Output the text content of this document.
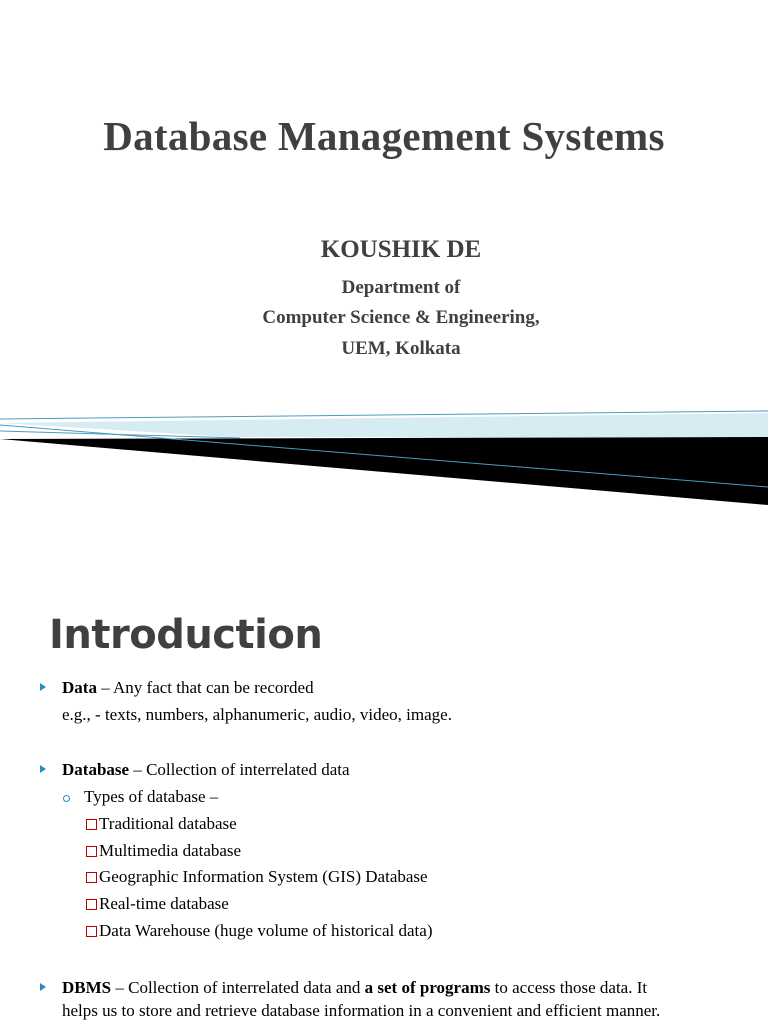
Database Management Systems

KOUSHIK DE

Department of

Computer Science & Engineering,

UEM, Kolkata

Introduction
Data – Any fact that can be recorded
e.g., - texts, numbers, alphanumeric, audio, video, image.
Database – Collection of interrelated data
Types of database –
Traditional database
Multimedia database
Geographic Information System (GIS) Database
Real-time database
Data Warehouse (huge volume of historical data)
DBMS – Collection of interrelated data and a set of programs to access those data. It
helps us to store and retrieve database information in a convenient and efficient manner.
